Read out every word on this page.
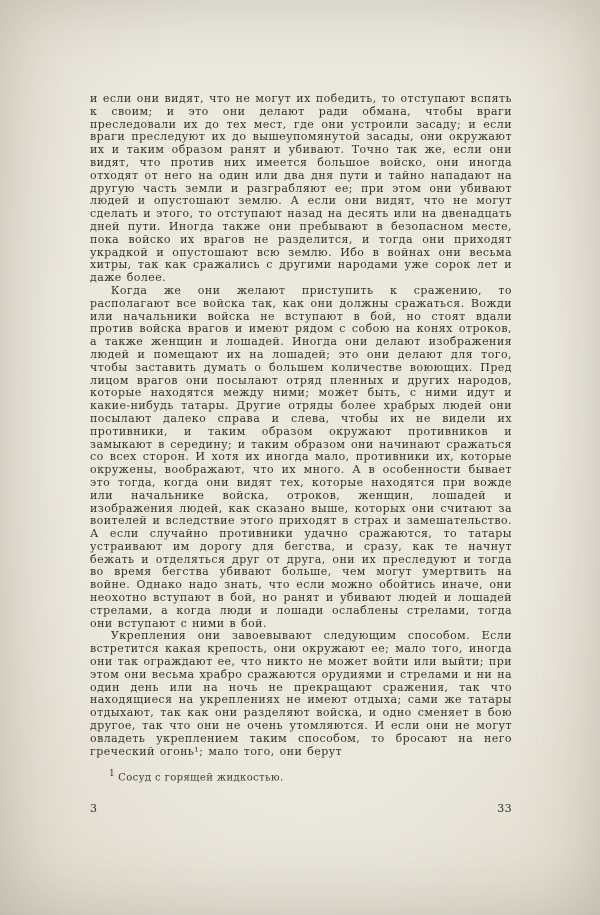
и если они видят, что не могут их победить, то отступают вспять к своим; и это они делают ради обмана, чтобы враги преследовали их до тех мест, где они устроили засаду; и если враги преследуют их до вышеупомянутой засады, они окружают их и таким образом ранят и убивают. Точно так же, если они видят, что против них имеется большое войско, они иногда отходят от него на один или два дня пути и тайно нападают на другую часть земли и разграбляют ее; при этом они убивают людей и опустошают землю. А если они видят, что не могут сделать и этого, то отступают назад на десять или на двенадцать дней пути. Иногда также они пребывают в безопасном месте, пока войско их врагов не разделится, и тогда они приходят украдкой и опустошают всю землю. Ибо в войнах они весьма хитры, так как сражались с другими народами уже сорок лет и даже более.

Когда же они желают приступить к сражению, то располагают все войска так, как они должны сражаться. Вожди или начальники войска не вступают в бой, но стоят вдали против войска врагов и имеют рядом с собою на конях отроков, а также женщин и лошадей. Иногда они делают изображения людей и помещают их на лошадей; это они делают для того, чтобы заставить думать о большем количестве воюющих. Пред лицом врагов они посылают отряд пленных и других народов, которые находятся между ними; может быть, с ними идут и какие-нибудь татары. Другие отряды более храбрых людей они посылают далеко справа и слева, чтобы их не видели их противники, и таким образом окружают противников и замыкают в середину; и таким образом они начинают сражаться со всех сторон. И хотя их иногда мало, противники их, которые окружены, воображают, что их много. А в особенности бывает это тогда, когда они видят тех, которые находятся при вожде или начальнике войска, отроков, женщин, лошадей и изображения людей, как сказано выше, которых они считают за воителей и вследствие этого приходят в страх и замешательство. А если случайно противники удачно сражаются, то татары устраивают им дорогу для бегства, и сразу, как те начнут бежать и отделяться друг от друга, они их преследуют и тогда во время бегства убивают больше, чем могут умертвить на войне. Однако надо знать, что если можно обойтись иначе, они неохотно вступают в бой, но ранят и убивают людей и лошадей стрелами, а когда люди и лошади ослаблены стрелами, тогда они вступают с ними в бой.

Укрепления они завоевывают следующим способом. Если встретится какая крепость, они окружают ее; мало того, иногда они так ограждают ее, что никто не может войти или выйти; при этом они весьма храбро сражаются орудиями и стрелами и ни на один день или на ночь не прекращают сражения, так что находящиеся на укреплениях не имеют отдыха; сами же татары отдыхают, так как они разделяют войска, и одно сменяет в бою другое, так что они не очень утомляются. И если они не могут овладеть укреплением таким способом, то бросают на него греческий огонь¹; мало того, они берут

1 Сосуд с горящей жидкостью.
3	33
